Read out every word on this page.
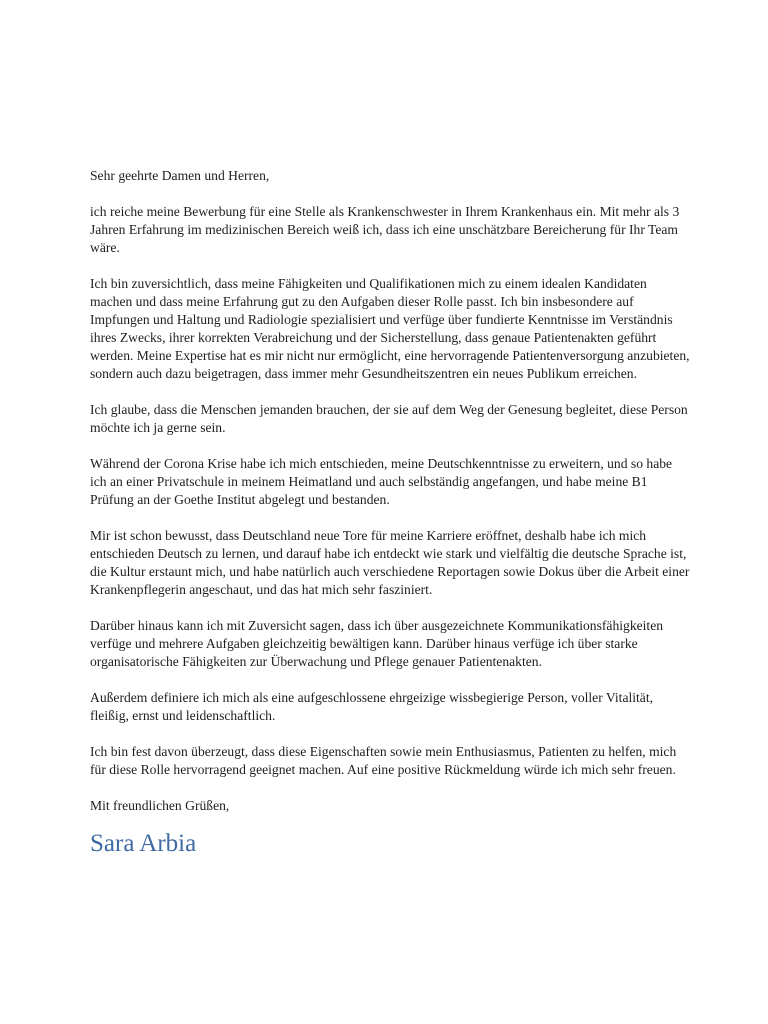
Sehr geehrte Damen und Herren,

ich reiche meine Bewerbung für eine Stelle als Krankenschwester in Ihrem Krankenhaus ein. Mit mehr als 3 Jahren Erfahrung im medizinischen Bereich weiß ich, dass ich eine unschätzbare Bereicherung für Ihr Team wäre.

Ich bin zuversichtlich, dass meine Fähigkeiten und Qualifikationen mich zu einem idealen Kandidaten machen und dass meine Erfahrung gut zu den Aufgaben dieser Rolle passt. Ich bin insbesondere auf Impfungen und Haltung und Radiologie spezialisiert und verfüge über fundierte Kenntnisse im Verständnis ihres Zwecks, ihrer korrekten Verabreichung und der Sicherstellung, dass genaue Patientenakten geführt werden. Meine Expertise hat es mir nicht nur ermöglicht, eine hervorragende Patientenversorgung anzubieten, sondern auch dazu beigetragen, dass immer mehr Gesundheitszentren ein neues Publikum erreichen.

Ich glaube, dass die Menschen jemanden brauchen, der sie auf dem Weg der Genesung begleitet, diese Person möchte ich ja gerne sein.

Während der Corona Krise habe ich mich entschieden, meine Deutschkenntnisse zu erweitern, und so habe ich an einer Privatschule in meinem Heimatland und auch selbständig angefangen, und habe meine B1 Prüfung an der Goethe Institut abgelegt und bestanden.

Mir ist schon bewusst, dass Deutschland neue Tore für meine Karriere eröffnet, deshalb habe ich mich entschieden Deutsch zu lernen, und darauf habe ich entdeckt wie stark und vielfältig die deutsche Sprache ist, die Kultur erstaunt mich, und habe natürlich auch verschiedene Reportagen sowie Dokus über die Arbeit einer Krankenpflegerin angeschaut, und das hat mich sehr fasziniert.

Darüber hinaus kann ich mit Zuversicht sagen, dass ich über ausgezeichnete Kommunikationsfähigkeiten verfüge und mehrere Aufgaben gleichzeitig bewältigen kann. Darüber hinaus verfüge ich über starke organisatorische Fähigkeiten zur Überwachung und Pflege genauer Patientenakten.

Außerdem definiere ich mich als eine aufgeschlossene ehrgeizige wissbegierige Person, voller Vitalität, fleißig, ernst und leidenschaftlich.

Ich bin fest davon überzeugt, dass diese Eigenschaften sowie mein Enthusiasmus, Patienten zu helfen, mich für diese Rolle hervorragend geeignet machen. Auf eine positive Rückmeldung würde ich mich sehr freuen.

Mit freundlichen Grüßen,

Sara Arbia
